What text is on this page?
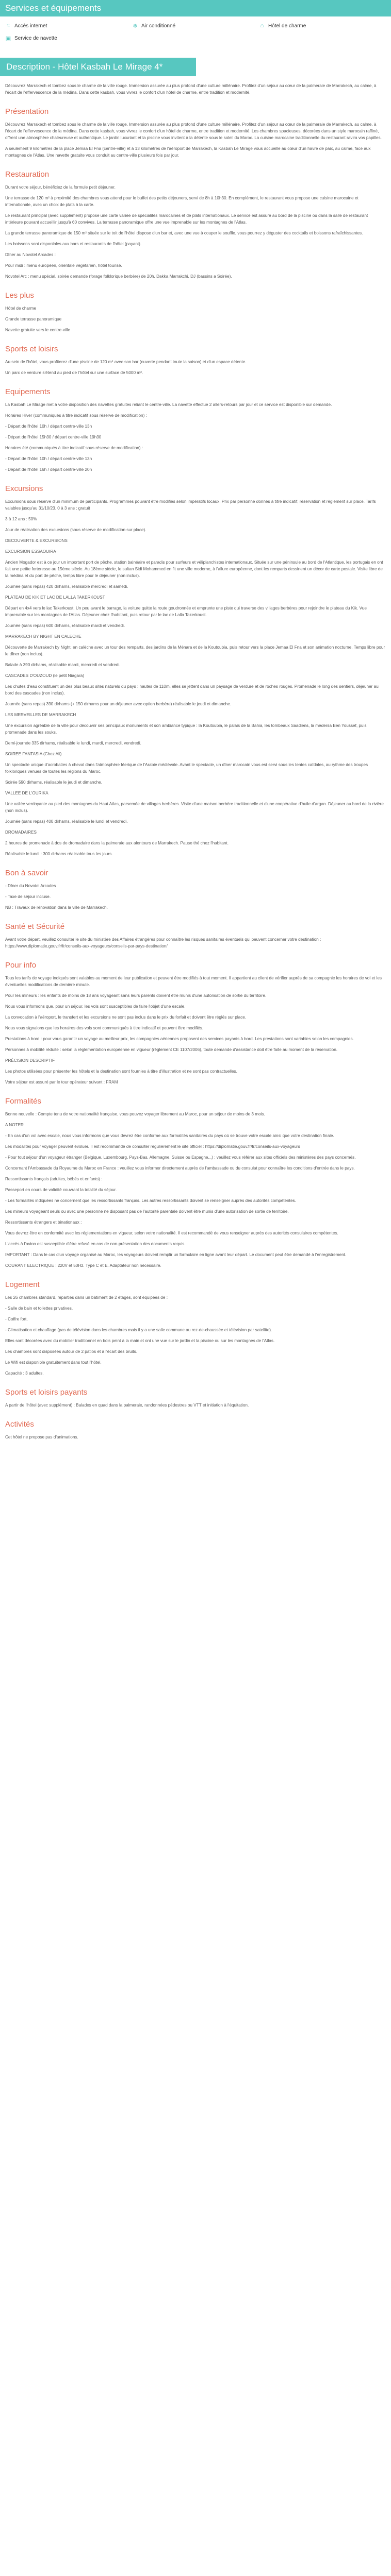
Services et équipements
≈ Accès internet	❄ Air conditionné	⌂ Hôtel de charme
▣ Service de navette
Description - Hôtel Kasbah Le Mirage 4*

Découvrez Marrakech et tombez sous le charme de la ville rouge. Immersion assurée au plus profond d'une culture millénaire. Profitez d'un séjour au cœur de la palmeraie de Marrakech, au calme, à l'écart de l'effervescence de la médina. Dans cette kasbah, vous vivrez le confort d'un hôtel de charme, entre tradition et modernité.

Présentation

Découvrez Marrakech et tombez sous le charme de la ville rouge. Immersion assurée au plus profond d'une culture millénaire. Profitez d'un séjour au cœur de la palmeraie de Marrakech, au calme, à l'écart de l'effervescence de la médina. Dans cette kasbah, vous vivrez le confort d'un hôtel de charme, entre tradition et modernité. Les chambres spacieuses, décorées dans un style marocain raffiné, offrent une atmosphère chaleureuse et authentique. Le jardin luxuriant et la piscine vous invitent à la détente sous le soleil du Maroc. La cuisine marocaine traditionnelle du restaurant ravira vos papilles.

A seulement 9 kilomètres de la place Jemaa El Fna (centre-ville) et à 13 kilomètres de l'aéroport de Marrakech, la Kasbah Le Mirage vous accueille au cœur d'un havre de paix, au calme, face aux montagnes de l'Atlas. Une navette gratuite vous conduit au centre-ville plusieurs fois par jour.

Restauration

Durant votre séjour, bénéficiez de la formule petit déjeuner.

Une terrasse de 120 m² à proximité des chambres vous attend pour le buffet des petits déjeuners, servi de 8h à 10h30. En complément, le restaurant vous propose une cuisine marocaine et internationale, avec un choix de plats à la carte.

Le restaurant principal (avec supplément) propose une carte variée de spécialités marocaines et de plats internationaux. Le service est assuré au bord de la piscine ou dans la salle de restaurant intérieure pouvant accueillir jusqu'à 60 convives. La terrasse panoramique offre une vue imprenable sur les montagnes de l'Atlas.

La grande terrasse panoramique de 150 m² située sur le toit de l'hôtel dispose d'un bar et, avec une vue à couper le souffle, vous pourrez y déguster des cocktails et boissons rafraîchissantes.

Les boissons sont disponibles aux bars et restaurants de l'hôtel (payant).

Dîner au Novotel Arcades :

Pour midi : menu européen, orientale végétarien, hôtel tourisé.

Novotel Arc : menu spécial, soirée demande (forage folklorique berbère) de 20h, Dakka Marrakchi, DJ (bassins a Soirée).

Les plus

Hôtel de charme

Grande terrasse panoramique

Navette gratuite vers le centre-ville

Sports et loisirs

Au sein de l'hôtel, vous profiterez d'une piscine de 120 m² avec son bar (ouverte pendant toute la saison) et d'un espace détente.

Un parc de verdure s'étend au pied de l'hôtel sur une surface de 5000 m².

Equipements

La Kasbah Le Mirage met à votre disposition des navettes gratuites reliant le centre-ville. La navette effectue 2 allers-retours par jour et ce service est disponible sur demande.

Horaires Hiver (communiqués à titre indicatif sous réserve de modification) :

- Départ de l'hôtel 10h / départ centre-ville 13h

- Départ de l'hôtel 15h30 / départ centre-ville 19h30

Horaires été (communiqués à titre indicatif sous réserve de modification) :

- Départ de l'hôtel 10h / départ centre-ville 13h

- Départ de l'hôtel 16h / départ centre-ville 20h

Excursions

Excursions sous réserve d'un minimum de participants. Programmes pouvant être modifiés selon impératifs locaux. Prix par personne donnés à titre indicatif, réservation et règlement sur place. Tarifs valables jusqu'au 31/10/23. 0 à 3 ans : gratuit

3 à 12 ans : 50%

Jour de réalisation des excursions (sous réserve de modification sur place).

DECOUVERTE & EXCURSIONS

EXCURSION ESSAOUIRA

Ancien Mogador est à ce jour un important port de pêche, station balnéaire et paradis pour surfeurs et véliplanchistes internationaux. Située sur une péninsule au bord de l'Atlantique, les portugais en ont fait une petite forteresse au 15ème siècle. Au 18ème siècle, le sultan Sidi Mohammed en fit une ville moderne, à l'allure européenne, dont les remparts dessinent un décor de carte postale. Visite libre de la médina et du port de pêche, temps libre pour le déjeuner (non inclus).

Journée (sans repas) 420 dirhams, réalisable mercredi et samedi.

PLATEAU DE KIK ET LAC DE LALLA TAKERKOUST

Départ en 4x4 vers le lac Takerkoust. Un peu avant le barrage, la voiture quitte la route goudronnée et emprunte une piste qui traverse des villages berbères pour rejoindre le plateau du Kik. Vue imprenable sur les montagnes de l'Atlas. Déjeuner chez l'habitant, puis retour par le lac de Lalla Takerkoust.

Journée (sans repas) 600 dirhams, réalisable mardi et vendredi.

MARRAKECH BY NIGHT EN CALECHE

Découverte de Marrakech by Night, en calèche avec un tour des remparts, des jardins de la Ménara et de la Koutoubia, puis retour vers la place Jemaa El Fna et son animation nocturne. Temps libre pour le dîner (non inclus).

Balade à 390 dirhams, réalisable mardi, mercredi et vendredi.

CASCADES D'OUZOUD (le petit Niagara)

Les chutes d'eau constituent un des plus beaux sites naturels du pays : hautes de 110m, elles se jettent dans un paysage de verdure et de roches rouges. Promenade le long des sentiers, déjeuner au bord des cascades (non inclus).

Journée (sans repas) 390 dirhams (+ 150 dirhams pour un déjeuner avec option berbère) réalisable le jeudi et dimanche.

LES MERVEILLES DE MARRAKECH

Une excursion agréable de la ville pour découvrir ses principaux monuments et son ambiance typique : la Koutoubia, le palais de la Bahia, les tombeaux Saadiens, la médersa Ben Youssef, puis promenade dans les souks.

Demi-journée 335 dirhams, réalisable le lundi, mardi, mercredi, vendredi.

SOIREE FANTASIA (Chez Ali)

Un spectacle unique d'acrobaties à cheval dans l'atmosphère féerique de l'Arabie médiévale. Avant le spectacle, un dîner marocain vous est servi sous les tentes caïdales, au rythme des troupes folkloriques venues de toutes les régions du Maroc.

Soirée 590 dirhams, réalisable le jeudi et dimanche.

VALLEE DE L'OURIKA

Une vallée verdoyante au pied des montagnes du Haut Atlas, parsemée de villages berbères. Visite d'une maison berbère traditionnelle et d'une coopérative d'huile d'argan. Déjeuner au bord de la rivière (non inclus).

Journée (sans repas) 400 dirhams, réalisable le lundi et vendredi.

DROMADAIRES

2 heures de promenade à dos de dromadaire dans la palmeraie aux alentours de Marrakech. Pause thé chez l'habitant.

Réalisable le lundi : 300 dirhams réalisable tous les jours.

Bon à savoir

- Dîner du Novotel Arcades

- Taxe de séjour incluse.

NB : Travaux de rénovation dans la ville de Marrakech.

Santé et Sécurité

Avant votre départ, veuillez consulter le site du ministère des Affaires étrangères pour connaître les risques sanitaires éventuels qui peuvent concerner votre destination : https://www.diplomatie.gouv.fr/fr/conseils-aux-voyageurs/conseils-par-pays-destination/

Pour info

Tous les tarifs de voyage indiqués sont valables au moment de leur publication et peuvent être modifiés à tout moment. Il appartient au client de vérifier auprès de sa compagnie les horaires de vol et les éventuelles modifications de dernière minute.

Pour les mineurs : les enfants de moins de 18 ans voyageant sans leurs parents doivent être munis d'une autorisation de sortie du territoire.

Nous vous informons que, pour un séjour, les vols sont susceptibles de faire l'objet d'une escale.

La convocation à l'aéroport, le transfert et les excursions ne sont pas inclus dans le prix du forfait et doivent être réglés sur place.

Nous vous signalons que les horaires des vols sont communiqués à titre indicatif et peuvent être modifiés.

Prestations à bord : pour vous garantir un voyage au meilleur prix, les compagnies aériennes proposent des services payants à bord. Les prestations sont variables selon les compagnies.

Personnes à mobilité réduite : selon la réglementation européenne en vigueur (règlement CE 1107/2006), toute demande d'assistance doit être faite au moment de la réservation.

PRÉCISION DESCRIPTIF

Les photos utilisées pour présenter les hôtels et la destination sont fournies à titre d'illustration et ne sont pas contractuelles.

Votre séjour est assuré par le tour opérateur suivant : FRAM

Formalités

Bonne nouvelle : Compte tenu de votre nationalité française, vous pouvez voyager librement au Maroc, pour un séjour de moins de 3 mois.

A NOTER

- En cas d'un vol avec escale, nous vous informons que vous devrez être conforme aux formalités sanitaires du pays où se trouve votre escale ainsi que votre destination finale.

Les modalités pour voyager peuvent évoluer. Il est recommandé de consulter régulièrement le site officiel : https://diplomatie.gouv.fr/fr/conseils-aux-voyageurs

- Pour tout séjour d'un voyageur étranger (Belgique, Luxembourg, Pays-Bas, Allemagne, Suisse ou Espagne...) : veuillez vous référer aux sites officiels des ministères des pays concernés.

Concernant l'Ambassade du Royaume du Maroc en France : veuillez vous informer directement auprès de l'ambassade ou du consulat pour connaître les conditions d'entrée dans le pays.

Ressortissants français (adultes, bébés et enfants) :

Passeport en cours de validité couvrant la totalité du séjour.

- Les formalités indiquées ne concernent que les ressortissants français. Les autres ressortissants doivent se renseigner auprès des autorités compétentes.

Les mineurs voyageant seuls ou avec une personne ne disposant pas de l'autorité parentale doivent être munis d'une autorisation de sortie de territoire.

Ressortissants étrangers et binationaux :

Vous devrez être en conformité avec les réglementations en vigueur, selon votre nationalité. Il est recommandé de vous renseigner auprès des autorités consulaires compétentes.

L'accès à l'avion est susceptible d'être refusé en cas de non-présentation des documents requis.

IMPORTANT : Dans le cas d'un voyage organisé au Maroc, les voyageurs doivent remplir un formulaire en ligne avant leur départ. Le document peut être demandé à l'enregistrement.

COURANT ELECTRIQUE : 220V et 50Hz. Type C et E. Adaptateur non nécessaire.

Logement

Les 26 chambres standard, réparties dans un bâtiment de 2 étages, sont équipées de :

- Salle de bain et toilettes privatives,

- Coffre fort,

- Climatisation et chauffage (pas de télévision dans les chambres mais il y a une salle commune au rez-de-chaussée et télévision par satellite).

Elles sont décorées avec du mobilier traditionnel en bois peint à la main et ont une vue sur le jardin et la piscine ou sur les montagnes de l'Atlas.

Les chambres sont disposées autour de 2 patios et à l'écart des bruits.

Le Wifi est disponible gratuitement dans tout l'hôtel.

Capacité : 3 adultes.

Sports et loisirs payants

A partir de l'hôtel (avec supplément) : Balades en quad dans la palmeraie, randonnées pédestres ou VTT et initiation à l'équitation.

Activités

Cet hôtel ne propose pas d'animations.
